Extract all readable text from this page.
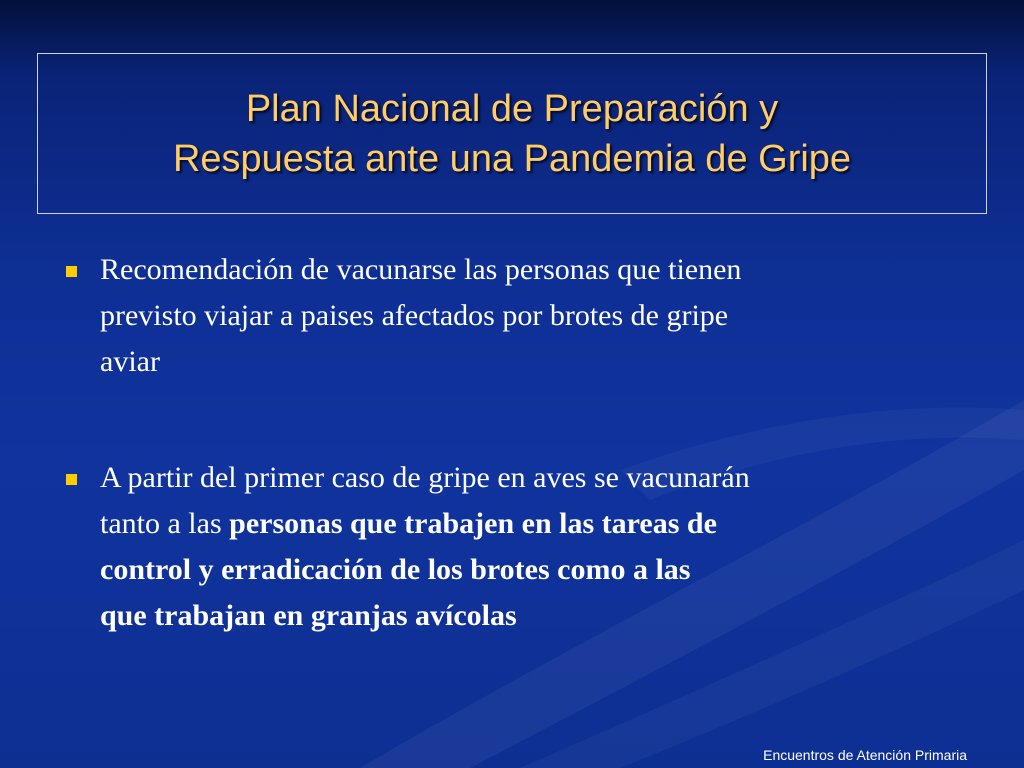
Plan Nacional de Preparación y
Respuesta ante una Pandemia de Gripe
Recomendación de vacunarse las personas que tienen
previsto viajar a paises afectados por brotes de gripe
aviar
A partir del primer caso de gripe en aves se vacunarán
tanto a las personas que trabajen en las tareas de
control y erradicación de los brotes como a las
que trabajan en granjas avícolas
Encuentros de Atención Primaria
